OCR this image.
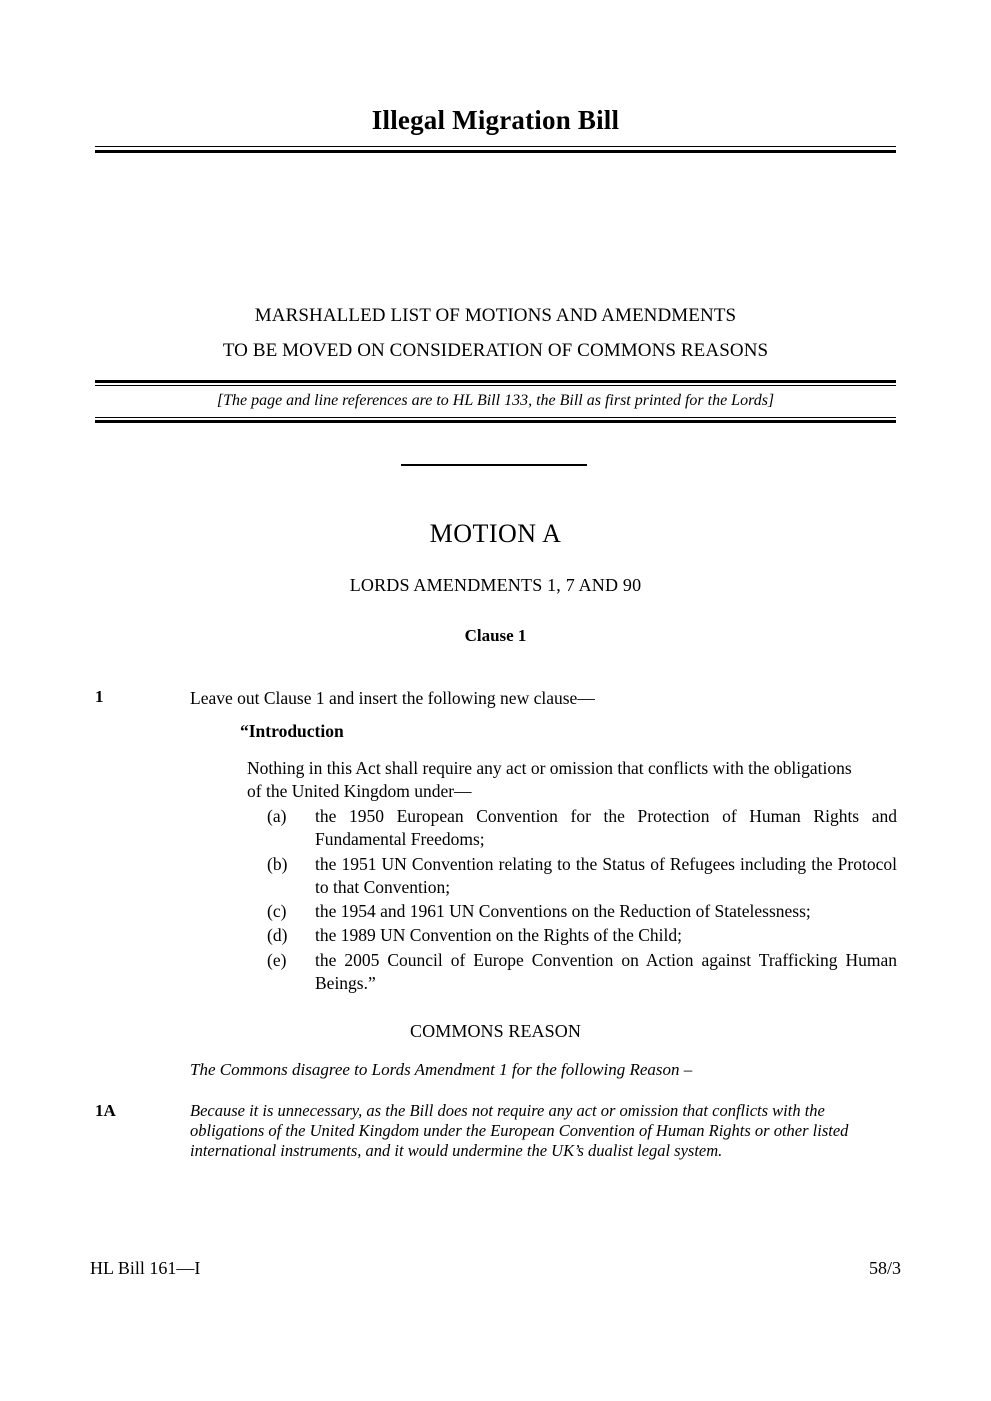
Illegal Migration Bill
MARSHALLED LIST OF MOTIONS AND AMENDMENTS
TO BE MOVED ON CONSIDERATION OF COMMONS REASONS
[The page and line references are to HL Bill 133, the Bill as first printed for the Lords]
MOTION A
LORDS AMENDMENTS 1, 7 AND 90
Clause 1
1	Leave out Clause 1 and insert the following new clause—
“Introduction
Nothing in this Act shall require any act or omission that conflicts with the obligations of the United Kingdom under—
(a)	the 1950 European Convention for the Protection of Human Rights and Fundamental Freedoms;
(b)	the 1951 UN Convention relating to the Status of Refugees including the Protocol to that Convention;
(c)	the 1954 and 1961 UN Conventions on the Reduction of Statelessness;
(d)	the 1989 UN Convention on the Rights of the Child;
(e)	the 2005 Council of Europe Convention on Action against Trafficking Human Beings.”
COMMONS REASON
The Commons disagree to Lords Amendment 1 for the following Reason –
1A	Because it is unnecessary, as the Bill does not require any act or omission that conflicts with the obligations of the United Kingdom under the European Convention of Human Rights or other listed international instruments, and it would undermine the UK’s dualist legal system.
HL Bill 161—I	58/3
